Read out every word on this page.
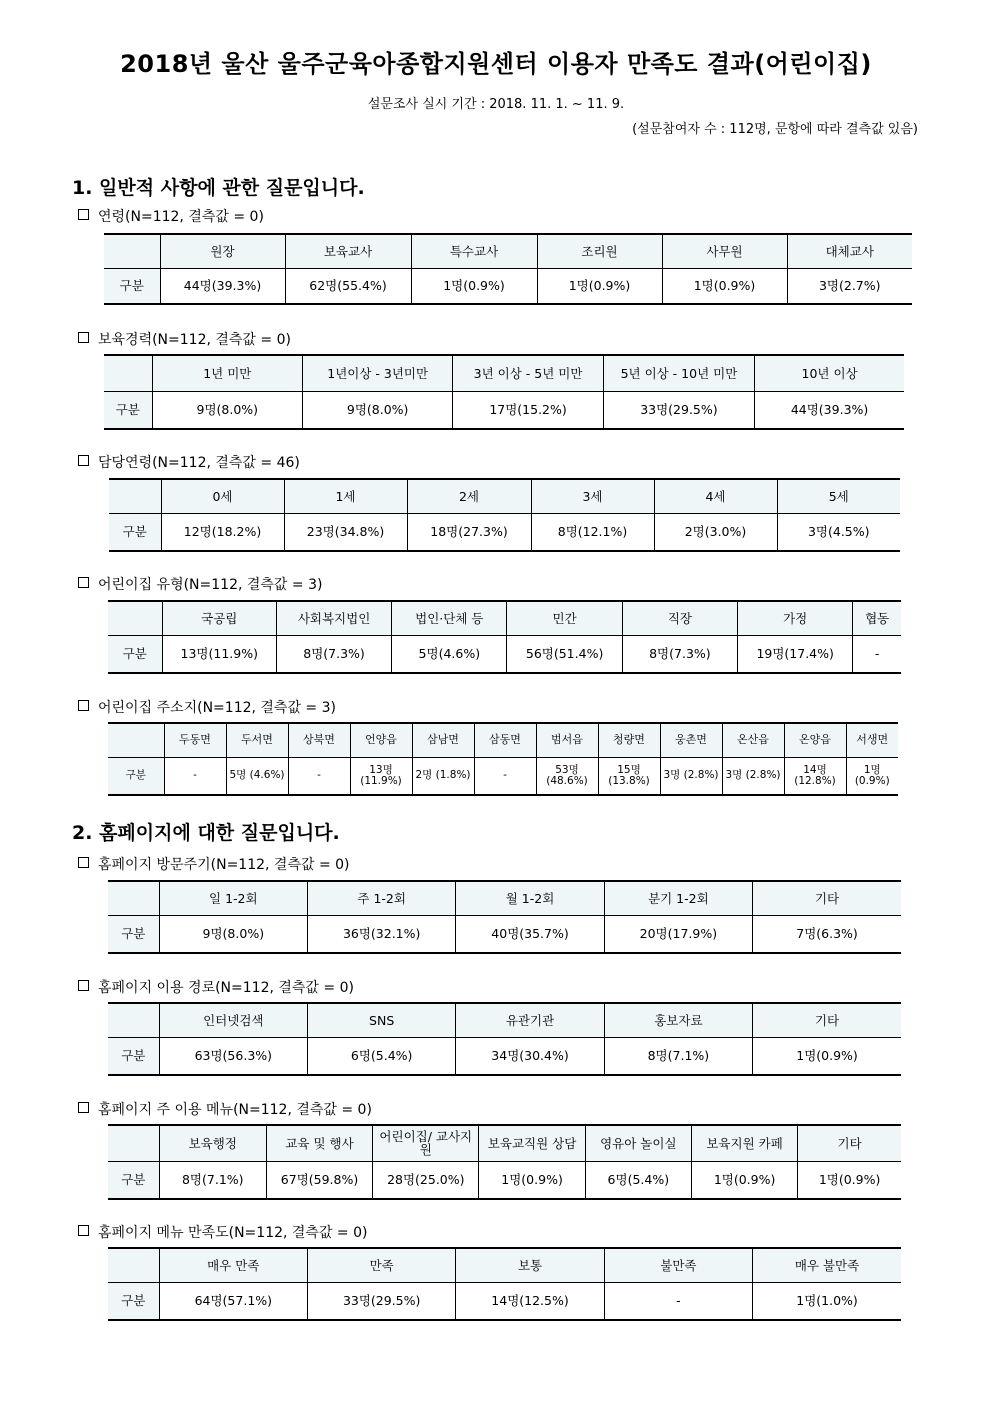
2018년 울산 울주군육아종합지원센터 이용자 만족도 결과(어린이집)
설문조사 실시 기간 : 2018. 11. 1. ~ 11. 9.
(설문참여자 수 : 112명, 문항에 따라 결측값 있음)
1. 일반적 사항에 관한 질문입니다.
연령(N=112, 결측값 = 0)
	원장	보육교사	특수교사	조리원	사무원	대체교사
구분	44명(39.3%)	62명(55.4%)	1명(0.9%)	1명(0.9%)	1명(0.9%)	3명(2.7%)
보육경력(N=112, 결측값 = 0)
	1년 미만	1년이상 - 3년미만	3년 이상 - 5년 미만	5년 이상 - 10년 미만	10년 이상
구분	9명(8.0%)	9명(8.0%)	17명(15.2%)	33명(29.5%)	44명(39.3%)
담당연령(N=112, 결측값 = 46)
	0세	1세	2세	3세	4세	5세
구분	12명(18.2%)	23명(34.8%)	18명(27.3%)	8명(12.1%)	2명(3.0%)	3명(4.5%)
어린이집 유형(N=112, 결측값 = 3)
	국공립	사회복지법인	법인·단체 등	민간	직장	가정	협동
구분	13명(11.9%)	8명(7.3%)	5명(4.6%)	56명(51.4%)	8명(7.3%)	19명(17.4%)	-
어린이집 주소지(N=112, 결측값 = 3)
	두동면	두서면	상북면	언양읍	삼남면	삼동면	범서읍	청량면	웅촌면	온산읍	온양읍	서생면
구분	-	5명 (4.6%)	-	13명 (11.9%)	2명 (1.8%)	-	53명 (48.6%)	15명 (13.8%)	3명 (2.8%)	3명 (2.8%)	14명 (12.8%)	1명 (0.9%)
2. 홈페이지에 대한 질문입니다.
홈페이지 방문주기(N=112, 결측값 = 0)
	일 1-2회	주 1-2회	월 1-2회	분기 1-2회	기타
구분	9명(8.0%)	36명(32.1%)	40명(35.7%)	20명(17.9%)	7명(6.3%)
홈페이지 이용 경로(N=112, 결측값 = 0)
	인터넷검색	SNS	유관기관	홍보자료	기타
구분	63명(56.3%)	6명(5.4%)	34명(30.4%)	8명(7.1%)	1명(0.9%)
홈페이지 주 이용 메뉴(N=112, 결측값 = 0)
	보육행정	교육 및 행사	어린이집/ 교사지원	보육교직원 상담	영유아 놀이실	보육지원 카페	기타
구분	8명(7.1%)	67명(59.8%)	28명(25.0%)	1명(0.9%)	6명(5.4%)	1명(0.9%)	1명(0.9%)
홈페이지 메뉴 만족도(N=112, 결측값 = 0)
	매우 만족	만족	보통	불만족	매우 불만족
구분	64명(57.1%)	33명(29.5%)	14명(12.5%)	-	1명(1.0%)
